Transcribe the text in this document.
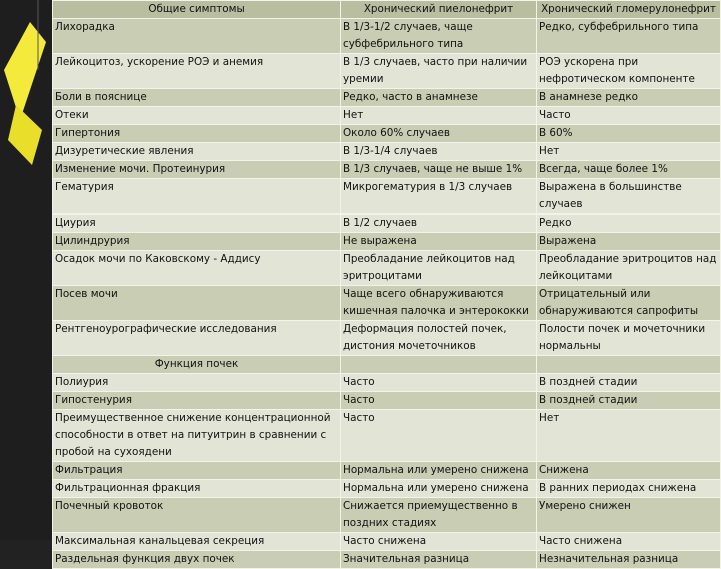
Общие симптомы	Хронический пиелонефрит	Хронический гломерулонефрит
Лихорадка	В 1/3-1/2 случаев, чаще субфебрильного типа	Редко, субфебрильного типа
Лейкоцитоз, ускорение РОЭ и анемия	В 1/3 случаев, часто при наличии уремии	РОЭ ускорена при нефротическом компоненте
Боли в пояснице	Редко, часто в анамнезе	В анамнезе редко
Отеки	Нет	Часто
Гипертония	Около 60% случаев	В 60%
Дизуретические явления	В 1/3-1/4 случаев	Нет
Изменение мочи. Протеинурия	В 1/3 случаев, чаще не выше 1%	Всегда, чаще более 1%
Гематурия	Микрогематурия в 1/3 случаев	Выражена в большинстве случаев

Циурия	В 1/2 случаев	Редко
Цилиндрурия	Не выражена	Выражена
Осадок мочи по Каковскому - Аддису	Преобладание лейкоцитов над эритроцитами	Преобладание эритроцитов над лейкоцитами
Посев мочи	Чаще всего обнаруживаются кишечная палочка и энтерококки	Отрицательный или обнаруживаются сапрофиты
Рентгеноурографические исследования	Деформация полостей почек, дистония мочеточников	Полости почек и мочеточники нормальны
Функция почек		
Полиурия	Часто	В поздней стадии
Гипостенурия	Часто	В поздней стадии
Преимущественное снижение концентрационной способности в ответ на питуитрин в сравнении с пробой на сухоядени	Часто	Нет
Фильтрация	Нормальна или умерено снижена	Снижена
Фильтрационная фракция	Нормальна или умерено снижена	В ранних периодах снижена
Почечный кровоток	Снижается приемущественно в поздних стадиях	Умерено снижен
Максимальная канальцевая секреция	Часто снижена	Часто снижена
Раздельная функция двух почек	Значительная разница	Незначительная разница
